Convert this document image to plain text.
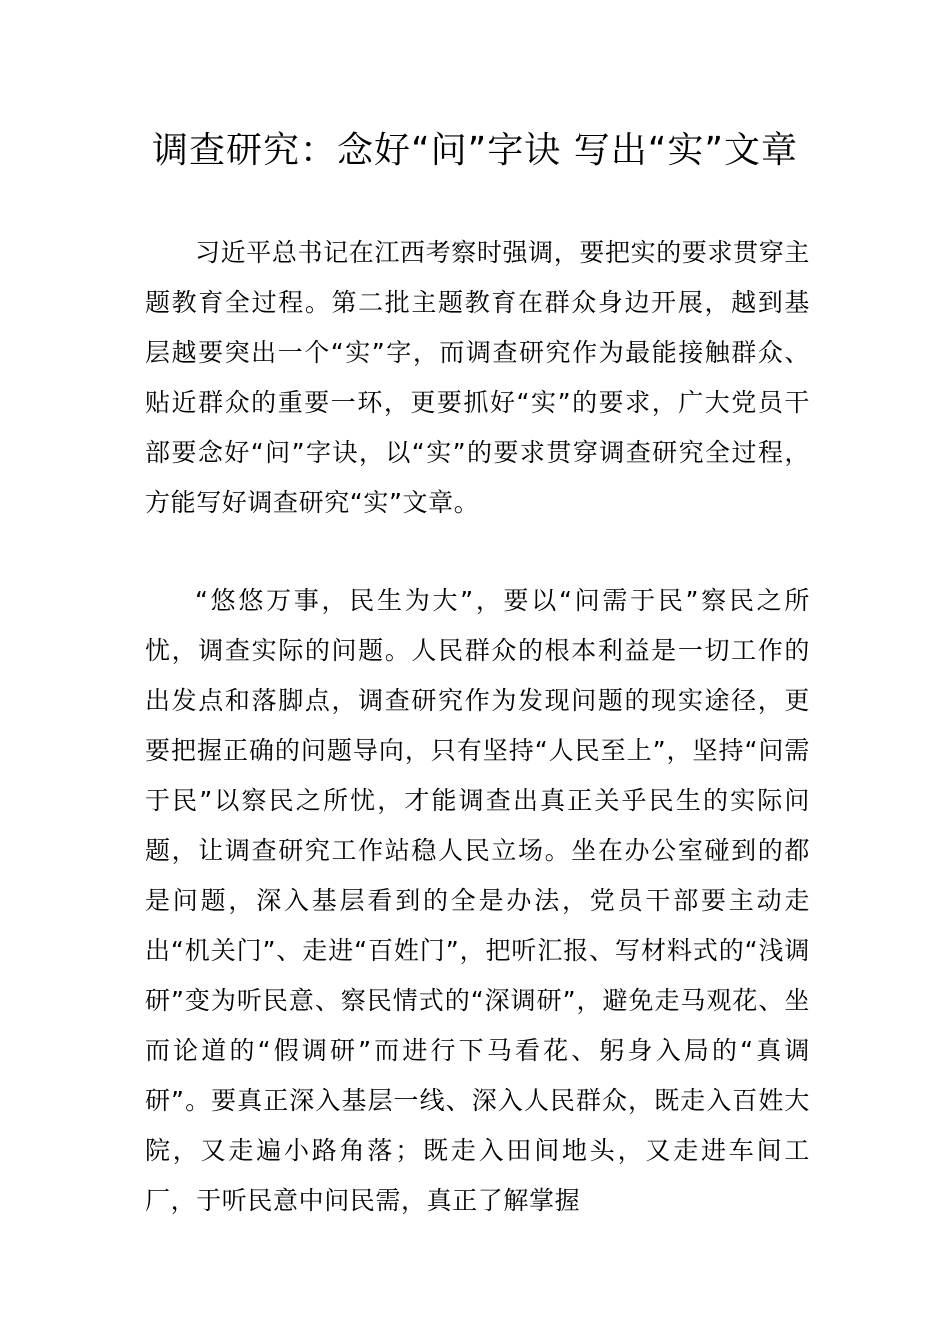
调查研究：念好“问”字诀 写出“实”文章

习近平总书记在江西考察时强调，要把实的要求贯穿主题教育全过程。第二批主题教育在群众身边开展，越到基层越要突出一个“实”字，而调查研究作为最能接触群众、贴近群众的重要一环，更要抓好“实”的要求，广大党员干部要念好“问”字诀，以“实”的要求贯穿调查研究全过程，方能写好调查研究“实”文章。

“悠悠万事，民生为大”，要以“问需于民”察民之所忧，调查实际的问题。人民群众的根本利益是一切工作的出发点和落脚点，调查研究作为发现问题的现实途径，更要把握正确的问题导向，只有坚持“人民至上”，坚持“问需于民”以察民之所忧，才能调查出真正关乎民生的实际问题，让调查研究工作站稳人民立场。坐在办公室碰到的都是问题，深入基层看到的全是办法，党员干部要主动走出“机关门”、走进“百姓门”，把听汇报、写材料式的“浅调研”变为听民意、察民情式的“深调研”，避免走马观花、坐而论道的“假调研”而进行下马看花、躬身入局的“真调研”。要真正深入基层一线、深入人民群众，既走入百姓大院，又走遍小路角落；既走入田间地头，又走进车间工厂，于听民意中问民需，真正了解掌握
